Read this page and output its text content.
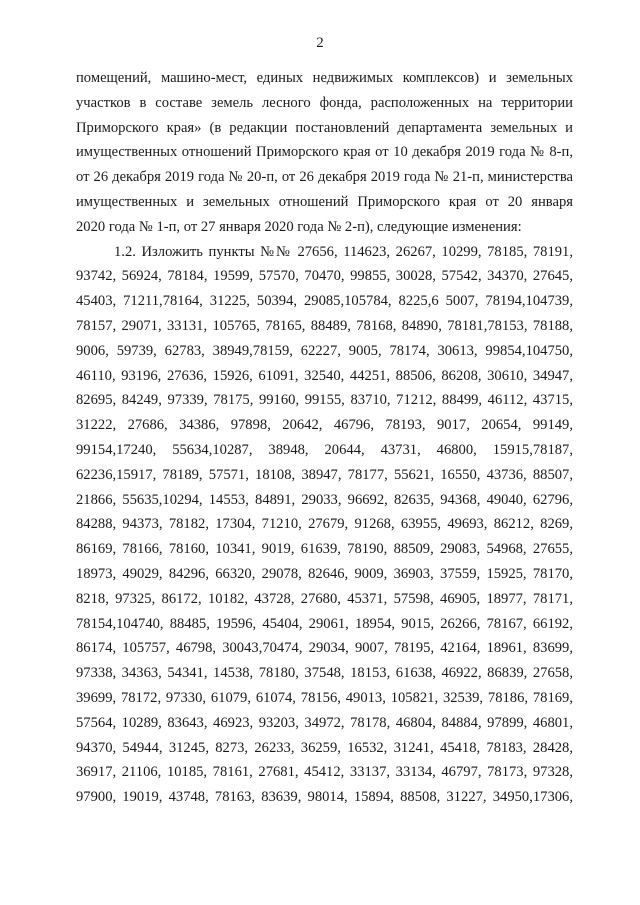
2
помещений, машино-мест, единых недвижимых комплексов) и земельных
участков в составе земель лесного фонда, расположенных на территории
Приморского края» (в редакции постановлений департамента земельных и
имущественных отношений Приморского края от 10 декабря 2019 года № 8-п,
от 26 декабря 2019 года № 20-п, от 26 декабря 2019 года № 21-п, министерства
имущественных и земельных отношений Приморского края от 20 января
2020 года № 1-п, от 27 января 2020 года № 2-п), следующие изменения:
1.2. Изложить пункты №№ 27656, 114623, 26267, 10299, 78185, 78191,
93742, 56924, 78184, 19599, 57570, 70470, 99855, 30028, 57542, 34370, 27645,
45403, 71211,78164, 31225, 50394, 29085,105784, 8225,6 5007, 78194,104739,
78157, 29071, 33131, 105765, 78165, 88489, 78168, 84890, 78181,78153, 78188,
9006, 59739, 62783, 38949,78159, 62227, 9005, 78174, 30613, 99854,104750,
46110, 93196, 27636, 15926, 61091, 32540, 44251, 88506, 86208, 30610, 34947,
82695, 84249, 97339, 78175, 99160, 99155, 83710, 71212, 88499, 46112, 43715,
31222, 27686, 34386, 97898, 20642, 46796, 78193, 9017, 20654, 99149,
99154,17240, 55634,10287, 38948, 20644, 43731, 46800, 15915,78187,
62236,15917, 78189, 57571, 18108, 38947, 78177, 55621, 16550, 43736, 88507,
21866, 55635,10294, 14553, 84891, 29033, 96692, 82635, 94368, 49040, 62796,
84288, 94373, 78182, 17304, 71210, 27679, 91268, 63955, 49693, 86212, 8269,
86169, 78166, 78160, 10341, 9019, 61639, 78190, 88509, 29083, 54968, 27655,
18973, 49029, 84296, 66320, 29078, 82646, 9009, 36903, 37559, 15925, 78170,
8218, 97325, 86172, 10182, 43728, 27680, 45371, 57598, 46905, 18977, 78171,
78154,104740, 88485, 19596, 45404, 29061, 18954, 9015, 26266, 78167, 66192,
86174, 105757, 46798, 30043,70474, 29034, 9007, 78195, 42164, 18961, 83699,
97338, 34363, 54341, 14538, 78180, 37548, 18153, 61638, 46922, 86839, 27658,
39699, 78172, 97330, 61079, 61074, 78156, 49013, 105821, 32539, 78186, 78169,
57564, 10289, 83643, 46923, 93203, 34972, 78178, 46804, 84884, 97899, 46801,
94370, 54944, 31245, 8273, 26233, 36259, 16532, 31241, 45418, 78183, 28428,
36917, 21106, 10185, 78161, 27681, 45412, 33137, 33134, 46797, 78173, 97328,
97900, 19019, 43748, 78163, 83639, 98014, 15894, 88508, 31227, 34950,17306,
